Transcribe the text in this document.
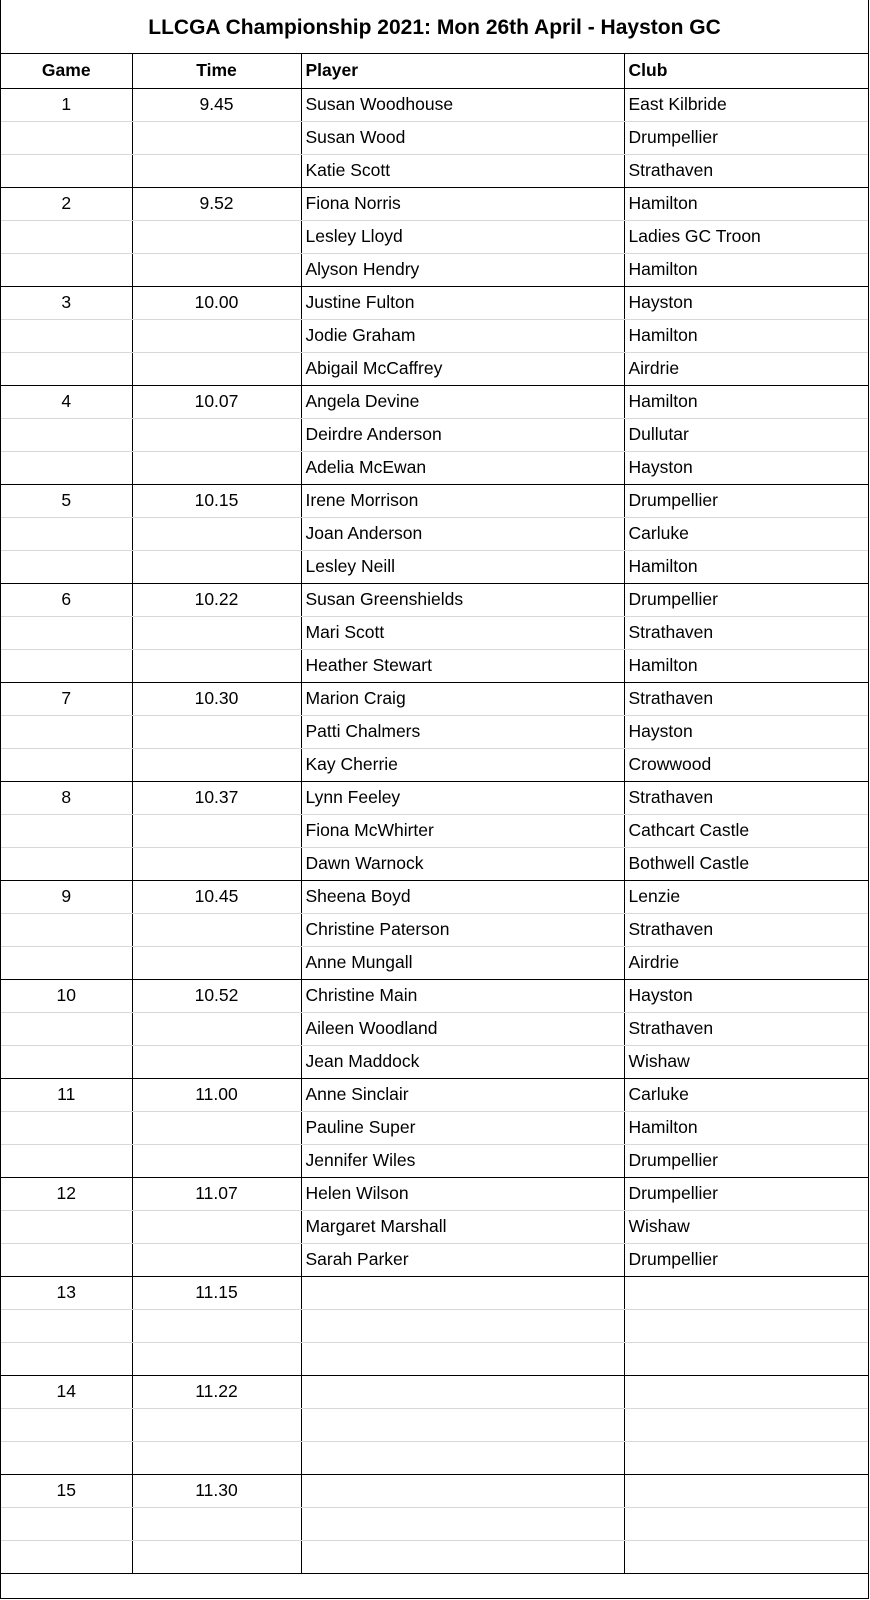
LLCGA Championship 2021: Mon 26th April - Hayston GC
Game	Time	Player	Club
1	9.45	Susan Woodhouse	East Kilbride
		Susan Wood	Drumpellier
		Katie Scott	Strathaven
2	9.52	Fiona Norris	Hamilton
		Lesley Lloyd	Ladies GC Troon
		Alyson Hendry	Hamilton
3	10.00	Justine Fulton	Hayston
		Jodie Graham	Hamilton
		Abigail McCaffrey	Airdrie
4	10.07	Angela Devine	Hamilton
		Deirdre Anderson	Dullutar
		Adelia McEwan	Hayston
5	10.15	Irene Morrison	Drumpellier
		Joan Anderson	Carluke
		Lesley Neill	Hamilton
6	10.22	Susan Greenshields	Drumpellier
		Mari Scott	Strathaven
		Heather Stewart	Hamilton
7	10.30	Marion Craig	Strathaven
		Patti Chalmers	Hayston
		Kay Cherrie	Crowwood
8	10.37	Lynn Feeley	Strathaven
		Fiona McWhirter	Cathcart Castle
		Dawn Warnock	Bothwell Castle
9	10.45	Sheena Boyd	Lenzie
		Christine Paterson	Strathaven
		Anne Mungall	Airdrie
10	10.52	Christine Main	Hayston
		Aileen Woodland	Strathaven
		Jean Maddock	Wishaw
11	11.00	Anne Sinclair	Carluke
		Pauline Super	Hamilton
		Jennifer Wiles	Drumpellier
12	11.07	Helen Wilson	Drumpellier
		Margaret Marshall	Wishaw
		Sarah Parker	Drumpellier
13	11.15		

14	11.22		

15	11.30		
